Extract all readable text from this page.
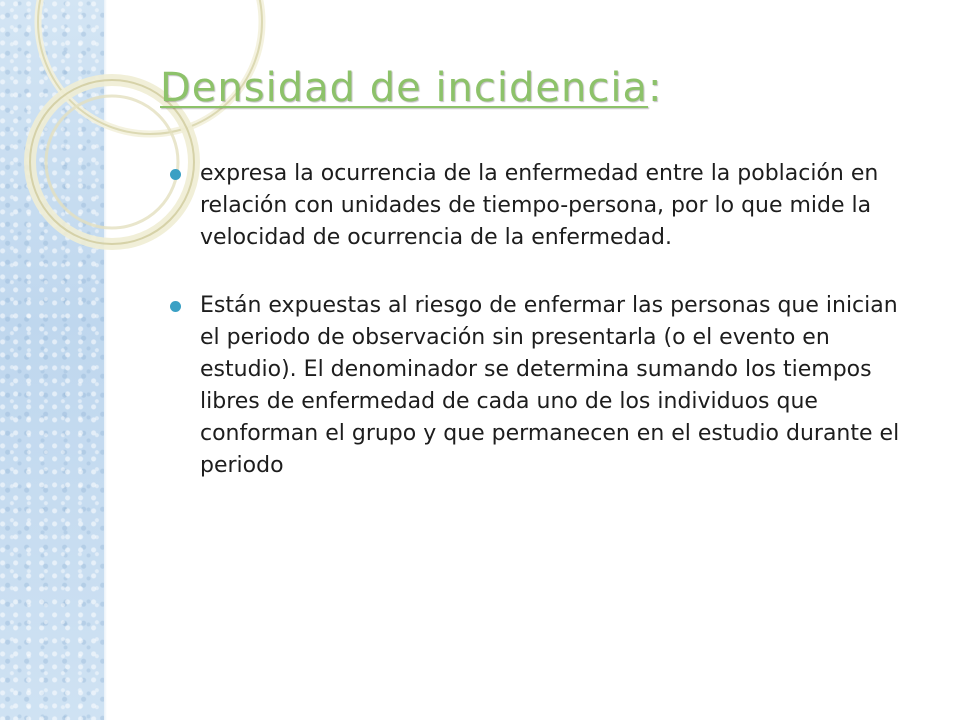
Densidad de incidencia:
expresa la ocurrencia de la enfermedad entre la población en relación con unidades de tiempo-persona, por lo que mide la velocidad de ocurrencia de la enfermedad.
Están expuestas al riesgo de enfermar las personas que inician el periodo de observación sin presentarla (o el evento en estudio). El denominador se determina sumando los tiempos libres de enfermedad de cada uno de los individuos que conforman el grupo y que permanecen en el estudio durante el periodo
